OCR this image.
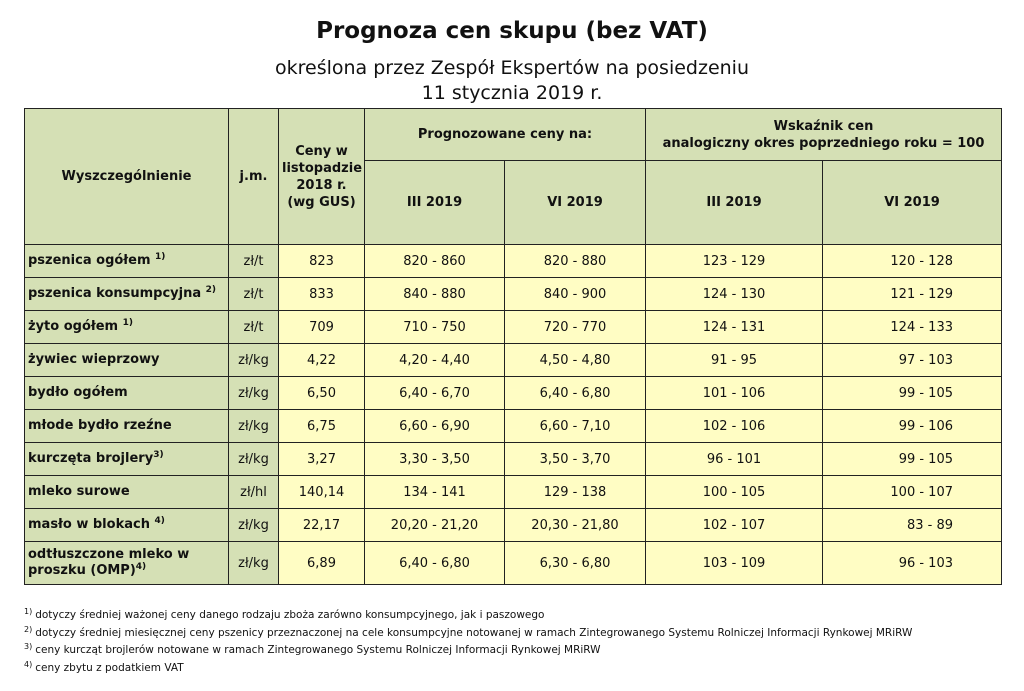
Prognoza cen skupu (bez VAT)
określona przez Zespół Ekspertów na posiedzeniu
11 stycznia 2019 r.
Wyszczególnienie	j.m.	Ceny w listopadzie 2018 r. (wg GUS)	Prognozowane ceny na:		Wskaźnik cen
analogiczny okres poprzedniego roku = 100	

			III 2019	VI 2019	III 2019	VI 2019
pszenica ogółem $^{1)}$	zł/t	823	820 - 860	820 - 880	123 - 129	120 - 128
pszenica konsumpcyjna $^{2)}$	zł/t	833	840 - 880	840 - 900	124 - 130	121 - 129
żyto ogółem $^{1)}$	zł/t	709	710 - 750	720 - 770	124 - 131	124 - 133
żywiec wieprzowy	zł/kg	4,22	4,20 - 4,40	4,50 - 4,80	91 - 95	97 - 103
bydło ogółem	zł/kg	6,50	6,40 - 6,70	6,40 - 6,80	101 - 106	99 - 105
młode bydło rzeźne	zł/kg	6,75	6,60 - 6,90	6,60 - 7,10	102 - 106	99 - 106
kurczęta brojlery$^{3)}$	zł/kg	3,27	3,30 - 3,50	3,50 - 3,70	96 - 101	99 - 105
mleko surowe	zł/hl	140,14	134 - 141	129 - 138	100 - 105	100 - 107
masło w blokach $^{4)}$	zł/kg	22,17	20,20 - 21,20	20,30 - 21,80	102 - 107	83 - 89
odtłuszczone mleko w proszku (OMP)$^{4)}$	zł/kg	6,89	6,40 - 6,80	6,30 - 6,80	103 - 109	96 - 103
$^{1)}$ dotyczy średniej ważonej ceny danego rodzaju zboża zarówno konsumpcyjnego, jak i paszowego
$^{2)}$ dotyczy średniej miesięcznej ceny pszenicy przeznaczonej na cele konsumpcyjne notowanej w ramach Zintegrowanego Systemu Rolniczej Informacji Rynkowej MRiRW
$^{3)}$ ceny kurcząt brojlerów notowane w ramach Zintegrowanego Systemu Rolniczej Informacji Rynkowej MRiRW
$^{4)}$ ceny zbytu z podatkiem VAT
